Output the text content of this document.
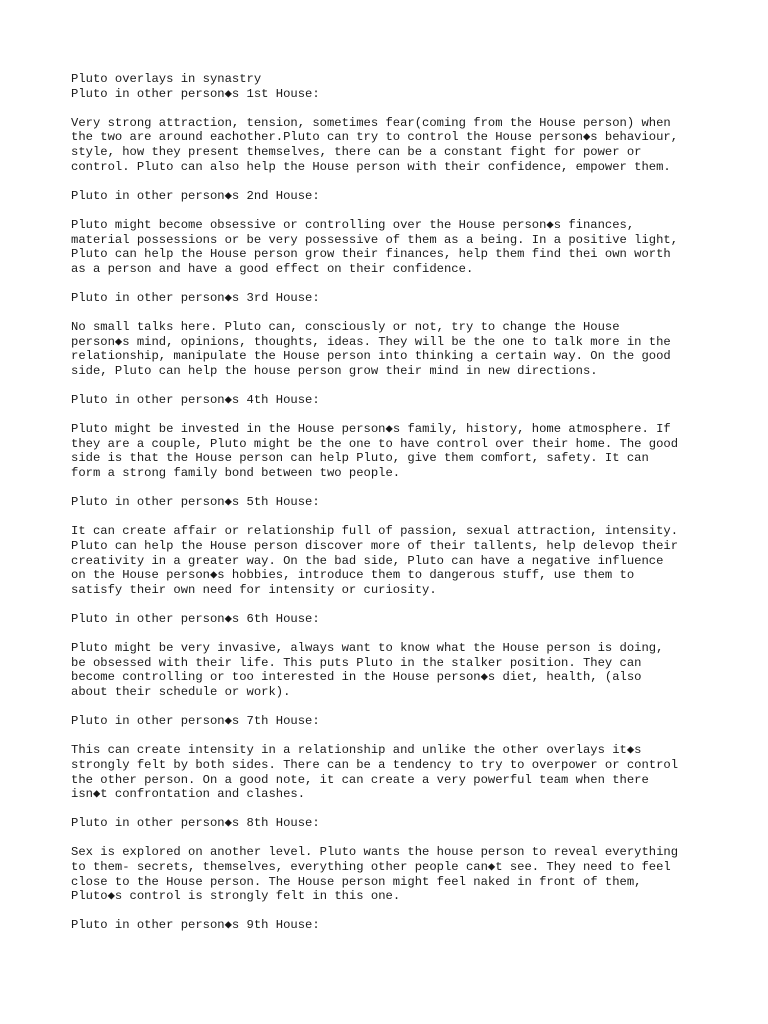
Pluto overlays in synastry
Pluto in other person◆s 1st House:
Very strong attraction, tension, sometimes fear(coming from the House person) when
the two are around eachother.Pluto can try to control the House person◆s behaviour,
style, how they present themselves, there can be a constant fight for power or
control. Pluto can also help the House person with their confidence, empower them.
Pluto in other person◆s 2nd House:
Pluto might become obsessive or controlling over the House person◆s finances,
material possessions or be very possessive of them as a being. In a positive light,
Pluto can help the House person grow their finances, help them find thei own worth
as a person and have a good effect on their confidence.
Pluto in other person◆s 3rd House:
No small talks here. Pluto can, consciously or not, try to change the House
person◆s mind, opinions, thoughts, ideas. They will be the one to talk more in the
relationship, manipulate the House person into thinking a certain way. On the good
side, Pluto can help the house person grow their mind in new directions.
Pluto in other person◆s 4th House:
Pluto might be invested in the House person◆s family, history, home atmosphere. If
they are a couple, Pluto might be the one to have control over their home. The good
side is that the House person can help Pluto, give them comfort, safety. It can
form a strong family bond between two people.
Pluto in other person◆s 5th House:
It can create affair or relationship full of passion, sexual attraction, intensity.
Pluto can help the House person discover more of their tallents, help delevop their
creativity in a greater way. On the bad side, Pluto can have a negative influence
on the House person◆s hobbies, introduce them to dangerous stuff, use them to
satisfy their own need for intensity or curiosity.
Pluto in other person◆s 6th House:
Pluto might be very invasive, always want to know what the House person is doing,
be obsessed with their life. This puts Pluto in the stalker position. They can
become controlling or too interested in the House person◆s diet, health, (also
about their schedule or work).
Pluto in other person◆s 7th House:
This can create intensity in a relationship and unlike the other overlays it◆s
strongly felt by both sides. There can be a tendency to try to overpower or control
the other person. On a good note, it can create a very powerful team when there
isn◆t confrontation and clashes.
Pluto in other person◆s 8th House:
Sex is explored on another level. Pluto wants the house person to reveal everything
to them- secrets, themselves, everything other people can◆t see. They need to feel
close to the House person. The House person might feel naked in front of them,
Pluto◆s control is strongly felt in this one.
Pluto in other person◆s 9th House:
